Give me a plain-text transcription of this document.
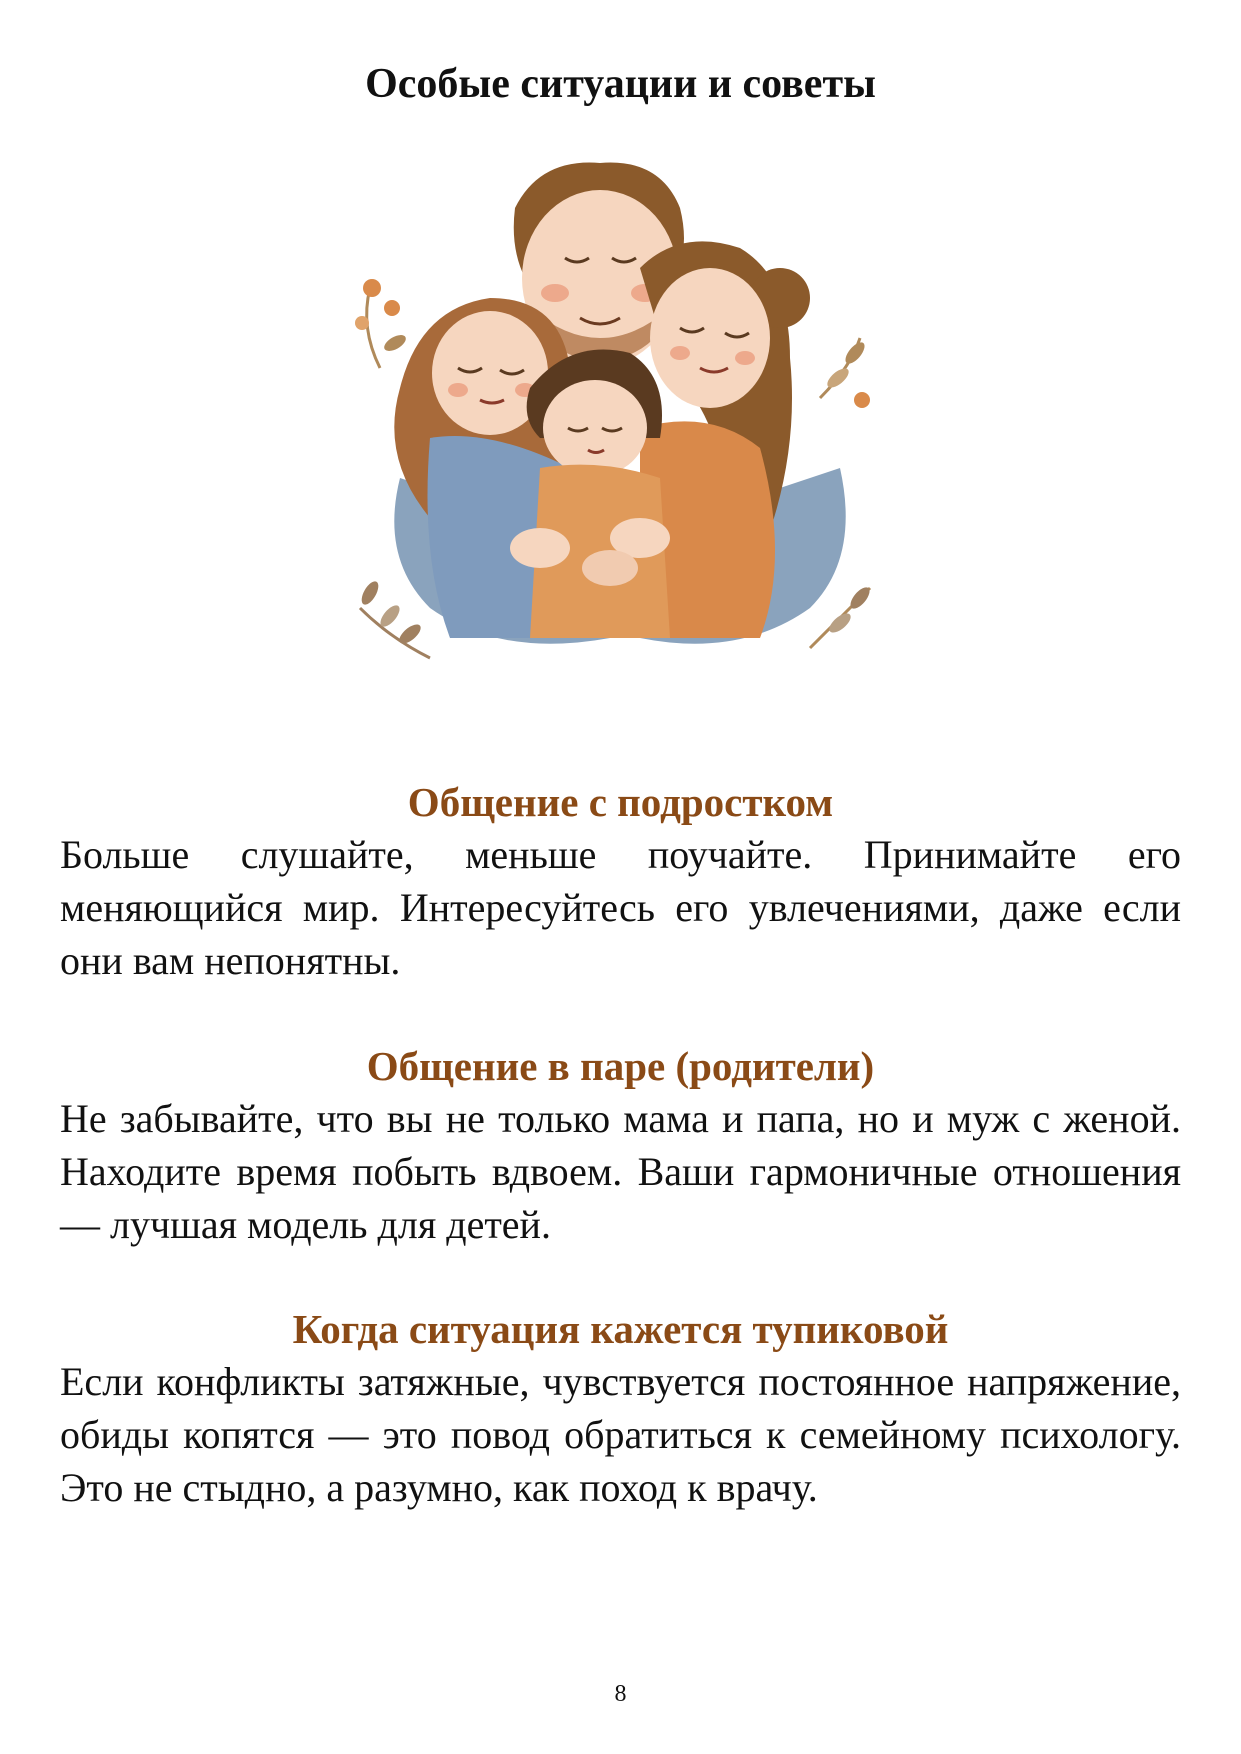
Особые ситуации и советы
Общение с подростком

Больше слушайте, меньше поучайте. Принимайте его меняющийся мир. Интересуйтесь его увлечениями, даже если они вам непонятны.

Общение в паре (родители)

Не забывайте, что вы не только мама и папа, но и муж с женой. Находите время побыть вдвоем. Ваши гармоничные отношения — лучшая модель для детей.

Когда ситуация кажется тупиковой

Если конфликты затяжные, чувствуется постоянное напряжение, обиды копятся — это повод обратиться к семейному психологу. Это не стыдно, а разумно, как поход к врачу.

8
